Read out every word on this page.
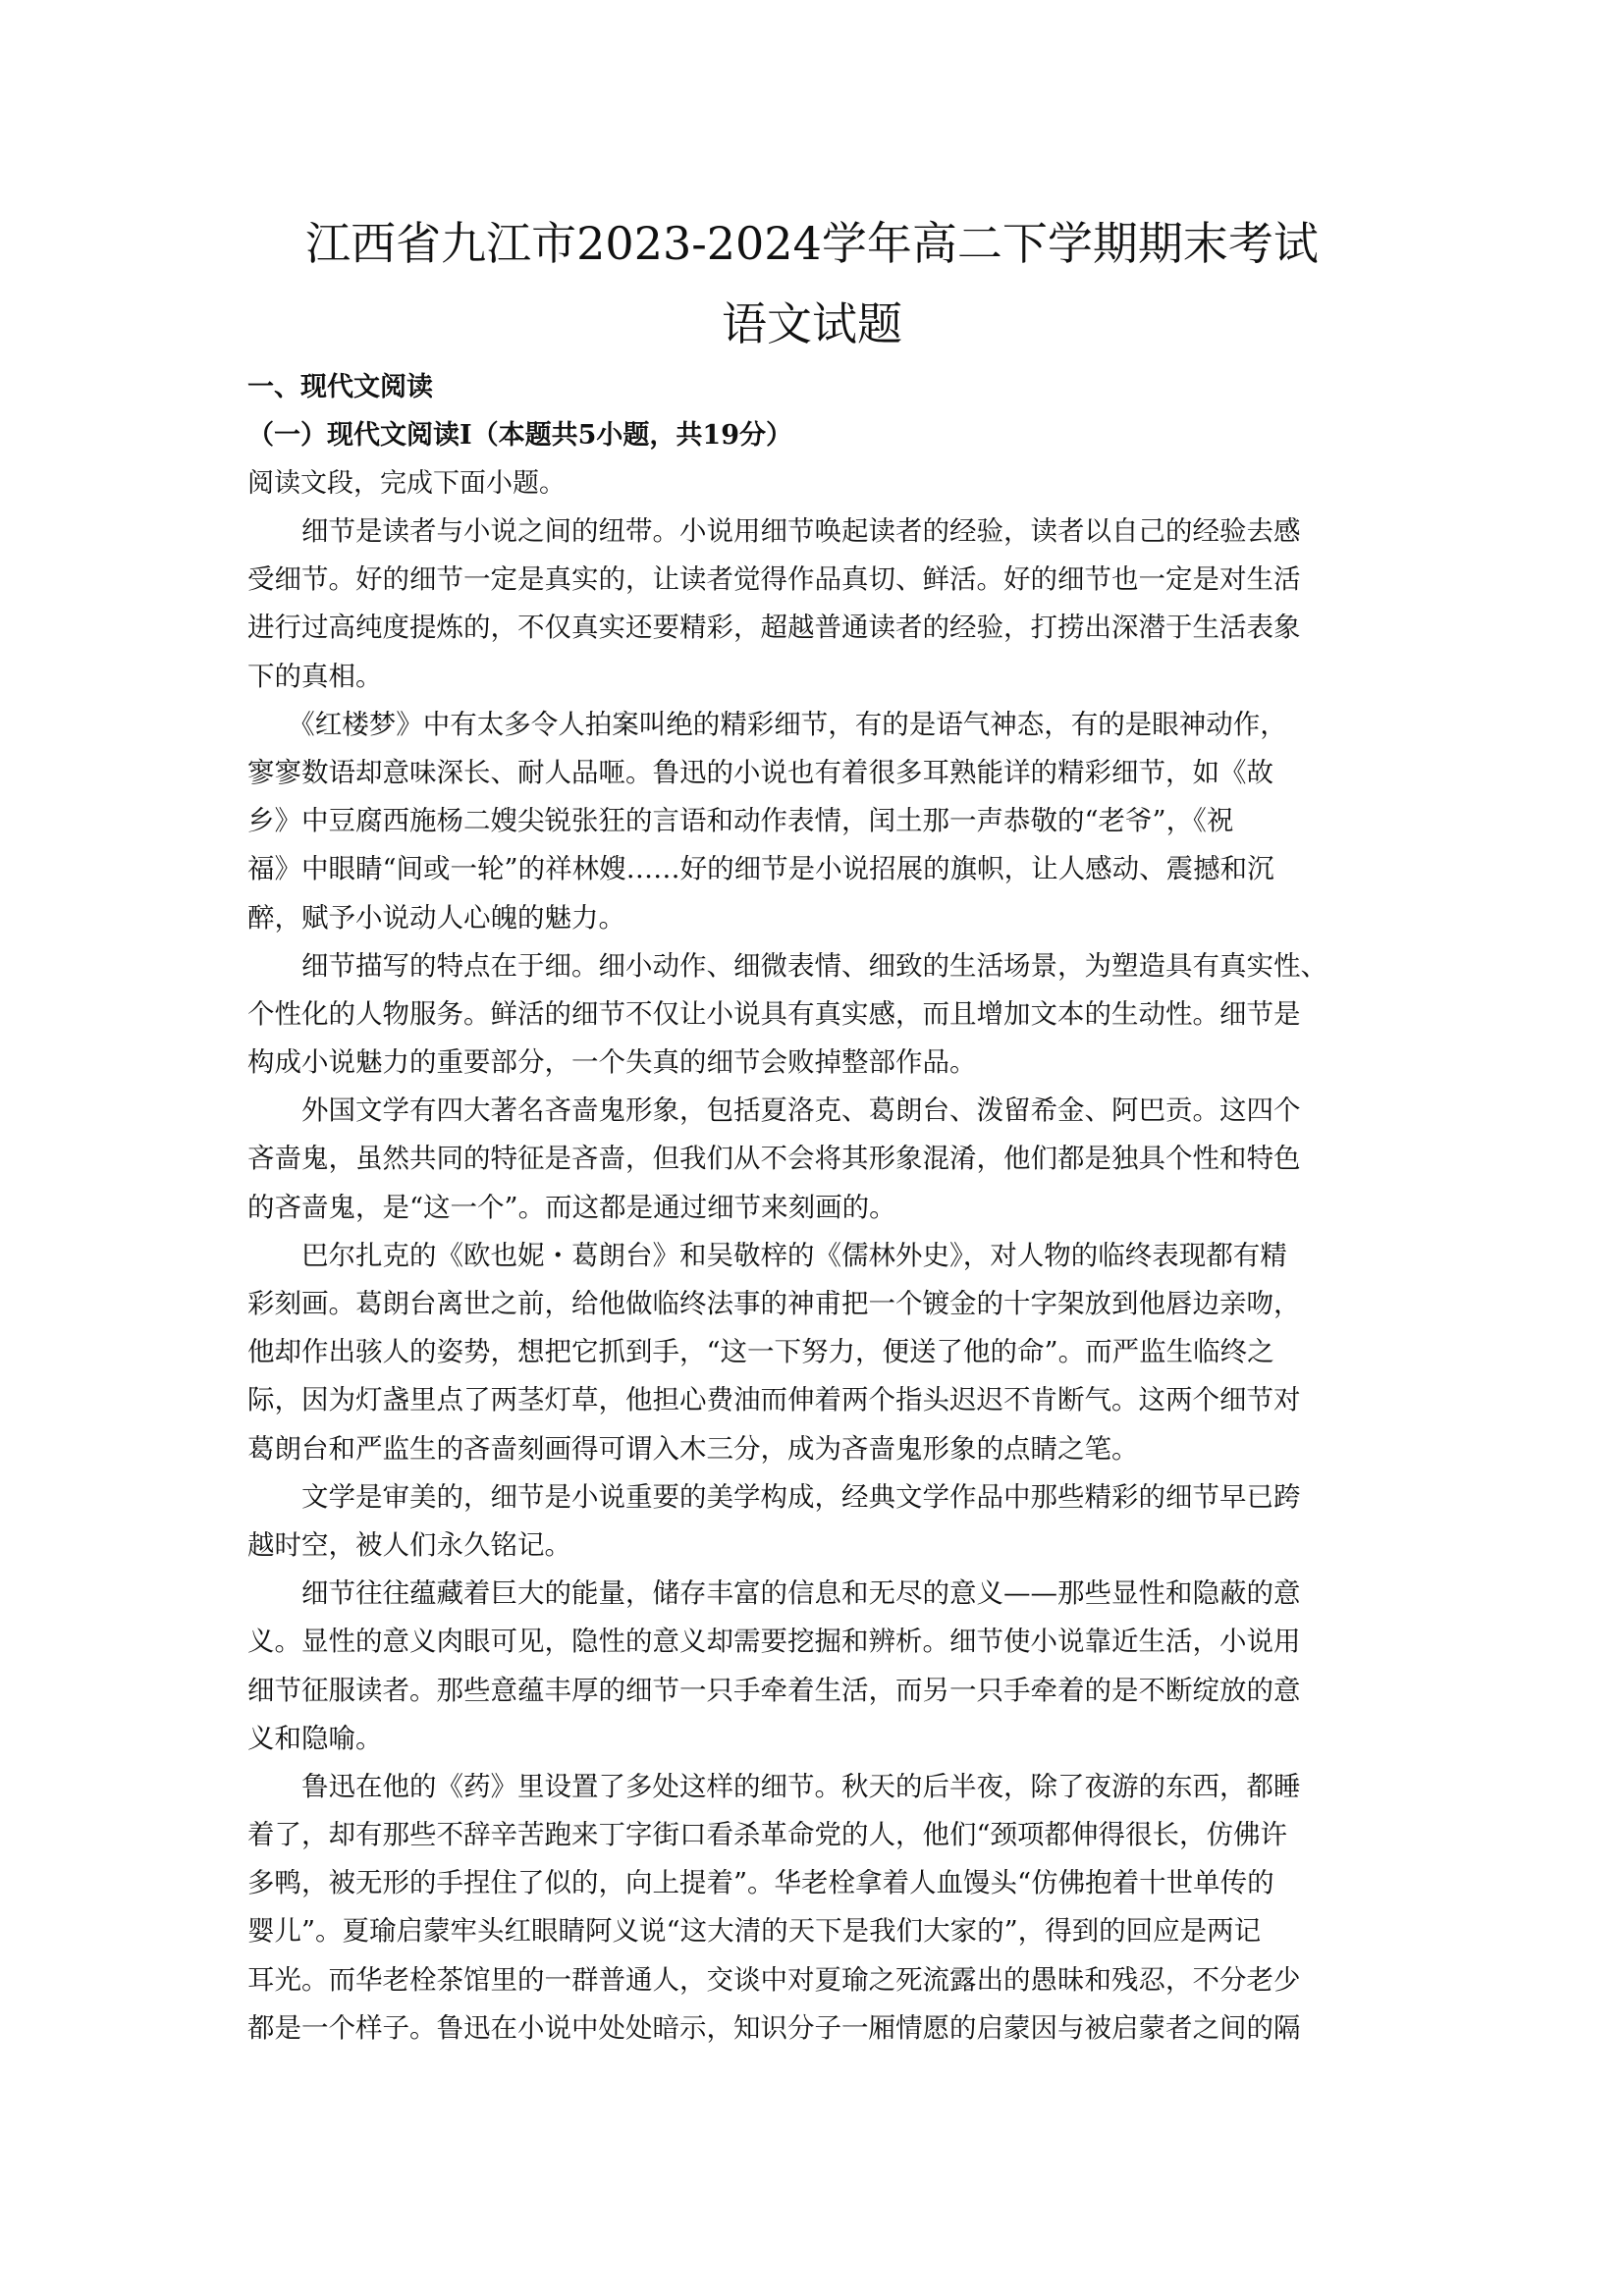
江西省九江市2023-2024学年高二下学期期末考试
语文试题
一、现代文阅读
（一）现代文阅读Ⅰ（本题共5小题，共19分）
阅读文段，完成下面小题。

　　细节是读者与小说之间的纽带。小说用细节唤起读者的经验，读者以自己的经验去感
受细节。好的细节一定是真实的，让读者觉得作品真切、鲜活。好的细节也一定是对生活
进行过高纯度提炼的，不仅真实还要精彩，超越普通读者的经验，打捞出深潜于生活表象
下的真相。

　　《红楼梦》中有太多令人拍案叫绝的精彩细节，有的是语气神态，有的是眼神动作，
寥寥数语却意味深长、耐人品咂。鲁迅的小说也有着很多耳熟能详的精彩细节，如《故
乡》中豆腐西施杨二嫂尖锐张狂的言语和动作表情，闰土那一声恭敬的“老爷”，《祝
福》中眼睛“间或一轮”的祥林嫂……好的细节是小说招展的旗帜，让人感动、震撼和沉
醉，赋予小说动人心魄的魅力。

　　细节描写的特点在于细。细小动作、细微表情、细致的生活场景，为塑造具有真实性、
个性化的人物服务。鲜活的细节不仅让小说具有真实感，而且增加文本的生动性。细节是
构成小说魅力的重要部分，一个失真的细节会败掉整部作品。

　　外国文学有四大著名吝啬鬼形象，包括夏洛克、葛朗台、泼留希金、阿巴贡。这四个
吝啬鬼，虽然共同的特征是吝啬，但我们从不会将其形象混淆，他们都是独具个性和特色
的吝啬鬼，是“这一个”。而这都是通过细节来刻画的。

　　巴尔扎克的《欧也妮・葛朗台》和吴敬梓的《儒林外史》，对人物的临终表现都有精
彩刻画。葛朗台离世之前，给他做临终法事的神甫把一个镀金的十字架放到他唇边亲吻，
他却作出骇人的姿势，想把它抓到手，“这一下努力，便送了他的命”。而严监生临终之
际，因为灯盏里点了两茎灯草，他担心费油而伸着两个指头迟迟不肯断气。这两个细节对
葛朗台和严监生的吝啬刻画得可谓入木三分，成为吝啬鬼形象的点睛之笔。

　　文学是审美的，细节是小说重要的美学构成，经典文学作品中那些精彩的细节早已跨
越时空，被人们永久铭记。

　　细节往往蕴藏着巨大的能量，储存丰富的信息和无尽的意义——那些显性和隐蔽的意
义。显性的意义肉眼可见，隐性的意义却需要挖掘和辨析。细节使小说靠近生活，小说用
细节征服读者。那些意蕴丰厚的细节一只手牵着生活，而另一只手牵着的是不断绽放的意
义和隐喻。

　　鲁迅在他的《药》里设置了多处这样的细节。秋天的后半夜，除了夜游的东西，都睡
着了，却有那些不辞辛苦跑来丁字街口看杀革命党的人，他们“颈项都伸得很长，仿佛许
多鸭，被无形的手捏住了似的，向上提着”。华老栓拿着人血馒头“仿佛抱着十世单传的
婴儿”。夏瑜启蒙牢头红眼睛阿义说“这大清的天下是我们大家的”，得到的回应是两记
耳光。而华老栓茶馆里的一群普通人，交谈中对夏瑜之死流露出的愚昧和残忍，不分老少
都是一个样子。鲁迅在小说中处处暗示，知识分子一厢情愿的启蒙因与被启蒙者之间的隔
